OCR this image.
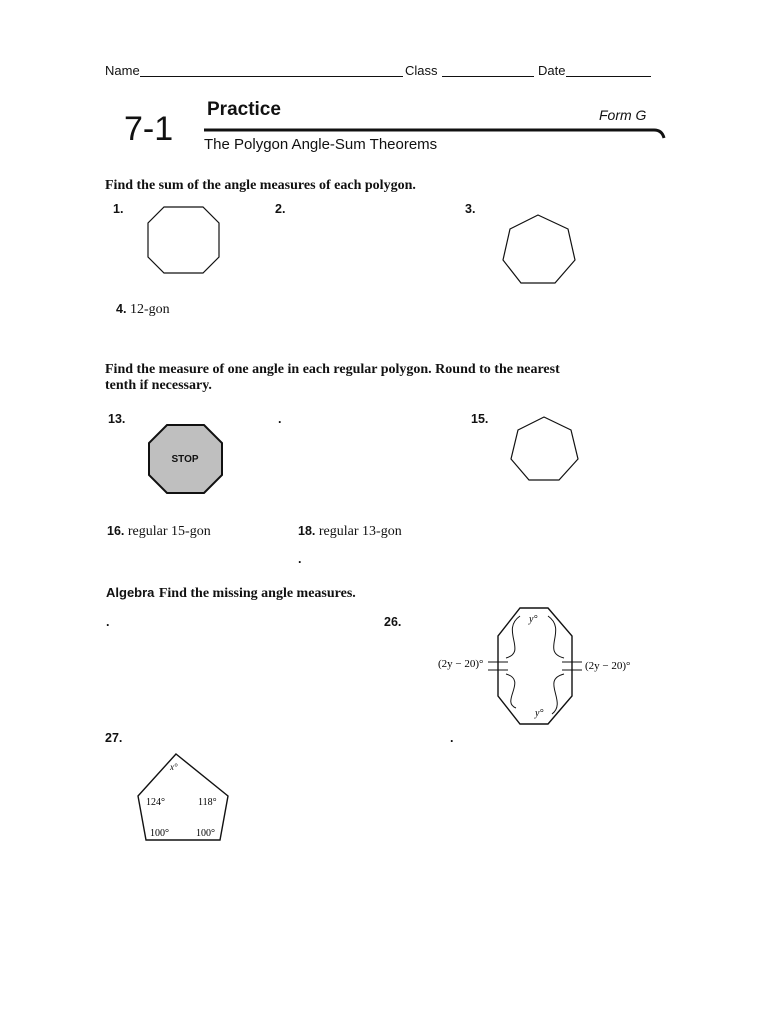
Name	Class	Date
7-1
Practice	Form G
The Polygon Angle-Sum Theorems
Find the sum of the angle measures of each polygon.
1.	2.	3.
4. 12-gon
Find the measure of one angle in each regular polygon. Round to the nearest tenth if necessary.
13.
STOP
.	15.
16. regular 15-gon	18. regular 13-gon
.
Algebra Find the missing angle measures.
.	26.	y°
y°
(2y − 20)°	(2y − 20)°
27.
x°
124°	118°
100°	100°
.
